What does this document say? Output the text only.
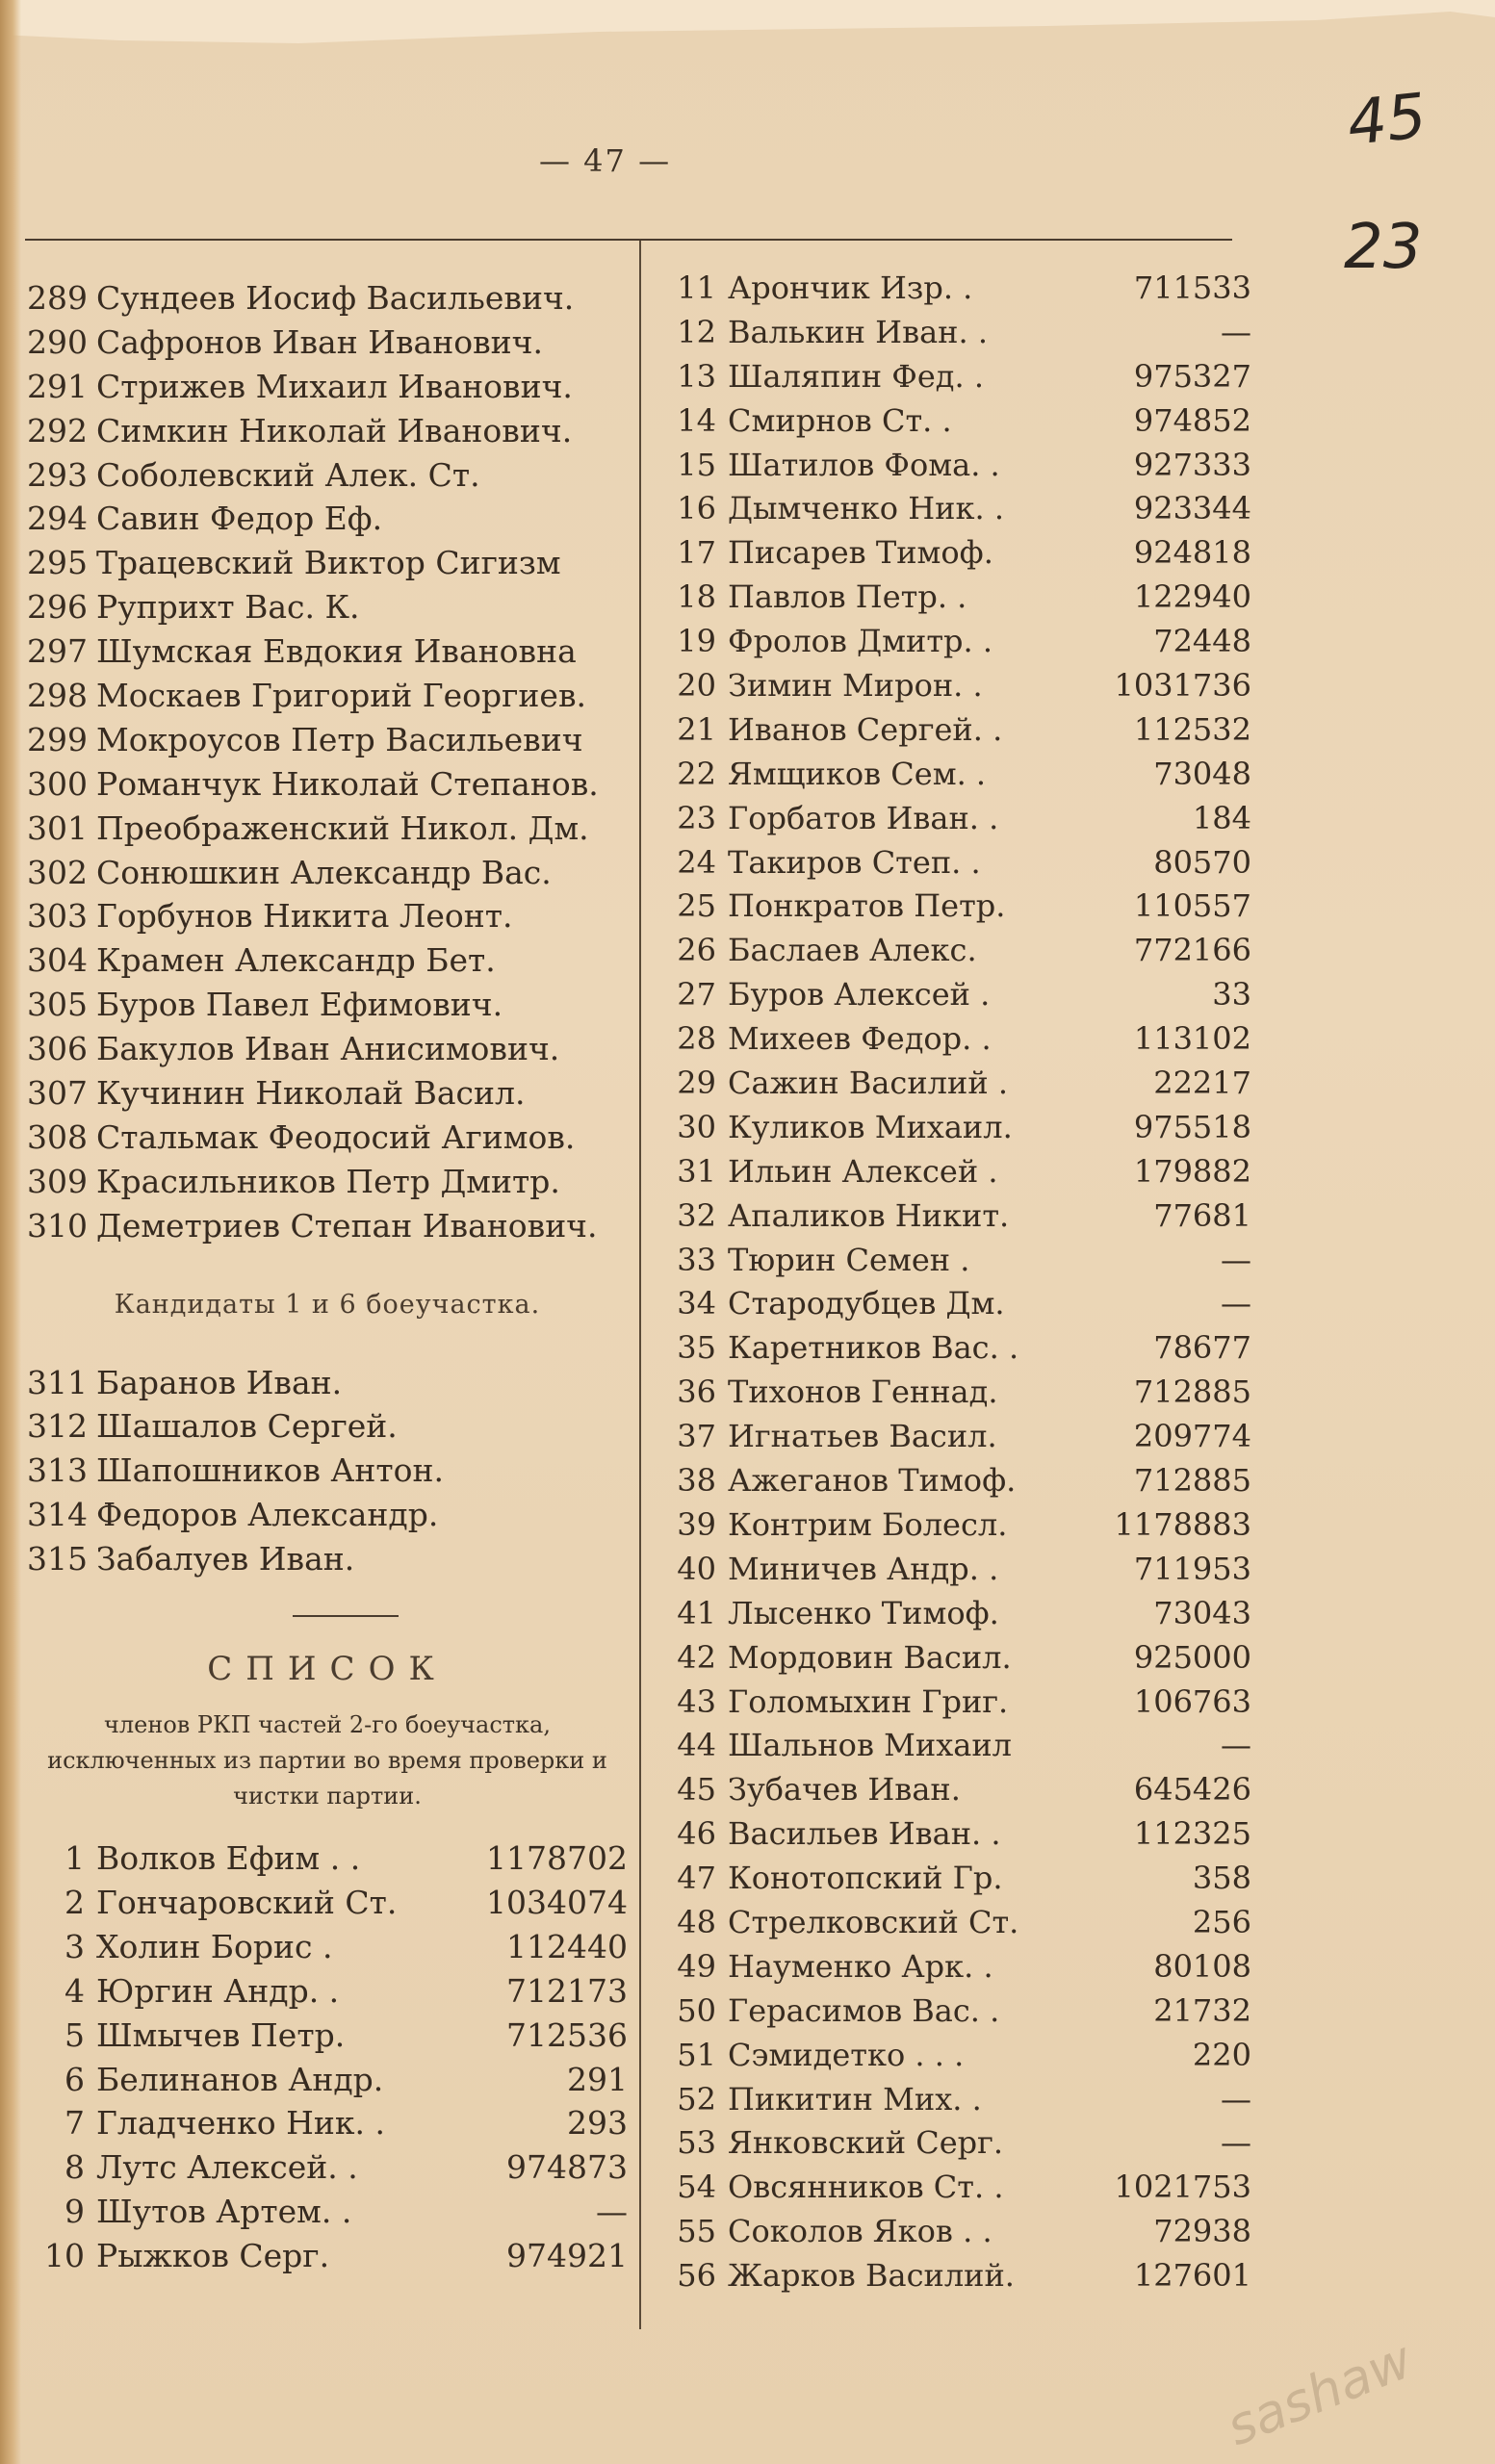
— 47 —
45
23
289 Сундеев Иосиф Васильевич.
290 Сафронов Иван Иванович.
291 Стрижев Михаил Иванович.
292 Симкин Николай Иванович.
293 Соболевский Алек. Ст.
294 Савин Федор Еф.
295 Трацевский Виктор Сигизм
296 Руприхт Вас. К.
297 Шумская Евдокия Ивановна
298 Москаев Григорий Георгиев.
299 Мокроусов Петр Васильевич
300 Романчук Николай Степанов.
301 Преображенский Никол. Дм.
302 Сонюшкин Александр Вас.
303 Горбунов Никита Леонт.
304 Крамен Александр Бет.
305 Буров Павел Ефимович.
306 Бакулов Иван Анисимович.
307 Кучинин Николай Васил.
308 Стальмак Феодосий Агимов.
309 Красильников Петр Дмитр.
310 Деметриев Степан Иванович.
Кандидаты 1 и 6 боеучастка.
311 Баранов Иван.
312 Шашалов Сергей.
313 Шапошников Антон.
314 Федоров Александр.
315 Забалуев Иван.
СПИСОК
членов РКП частей 2-го боеучастка, исключенных из партии во время проверки и чистки партии.
1 Волков Ефим . .	1178702
2 Гончаровский Ст.	1034074
3 Холин Борис .	112440
4 Юргин Андр. .	712173
5 Шмычев Петр.	712536
6 Белинанов Андр.	291
7 Гладченко Ник. .	293
8 Лутс Алексей. .	974873
9 Шутов Артем. .	—
10 Рыжков Серг.	974921
11 Арончик Изр. .	711533
12 Валькин Иван. .	—
13 Шаляпин Фед. .	975327
14 Смирнов Ст. .	974852
15 Шатилов Фома. .	927333
16 Дымченко Ник. .	923344
17 Писарев Тимоф.	924818
18 Павлов Петр. .	122940
19 Фролов Дмитр. .	72448
20 Зимин Мирон. .	1031736
21 Иванов Сергей. .	112532
22 Ямщиков Сем. .	73048
23 Горбатов Иван. .	184
24 Такиров Степ. .	80570
25 Понкратов Петр.	110557
26 Баслаев Алекс.	772166
27 Буров Алексей .	33
28 Михеев Федор. .	113102
29 Сажин Василий .	22217
30 Куликов Михаил.	975518
31 Ильин Алексей .	179882
32 Апаликов Никит.	77681
33 Тюрин Семен .	—
34 Стародубцев Дм.	—
35 Каретников Вас. .	78677
36 Тихонов Геннад.	712885
37 Игнатьев Васил.	209774
38 Ажеганов Тимоф.	712885
39 Контрим Болесл.	1178883
40 Миничев Андр. .	711953
41 Лысенко Тимоф.	73043
42 Мордовин Васил.	925000
43 Голомыхин Григ.	106763
44 Шальнов Михаил	—
45 Зубачев Иван.	645426
46 Васильев Иван. .	112325
47 Конотопский Гр.	358
48 Стрелковский Ст.	256
49 Науменко Арк. .	80108
50 Герасимов Вас. .	21732
51 Сэмидетко . . .	220
52 Пикитин Мих. .	—
53 Янковский Серг.	—
54 Овсянников Ст. .	1021753
55 Соколов Яков . .	72938
56 Жарков Василий.	127601
sashaw
